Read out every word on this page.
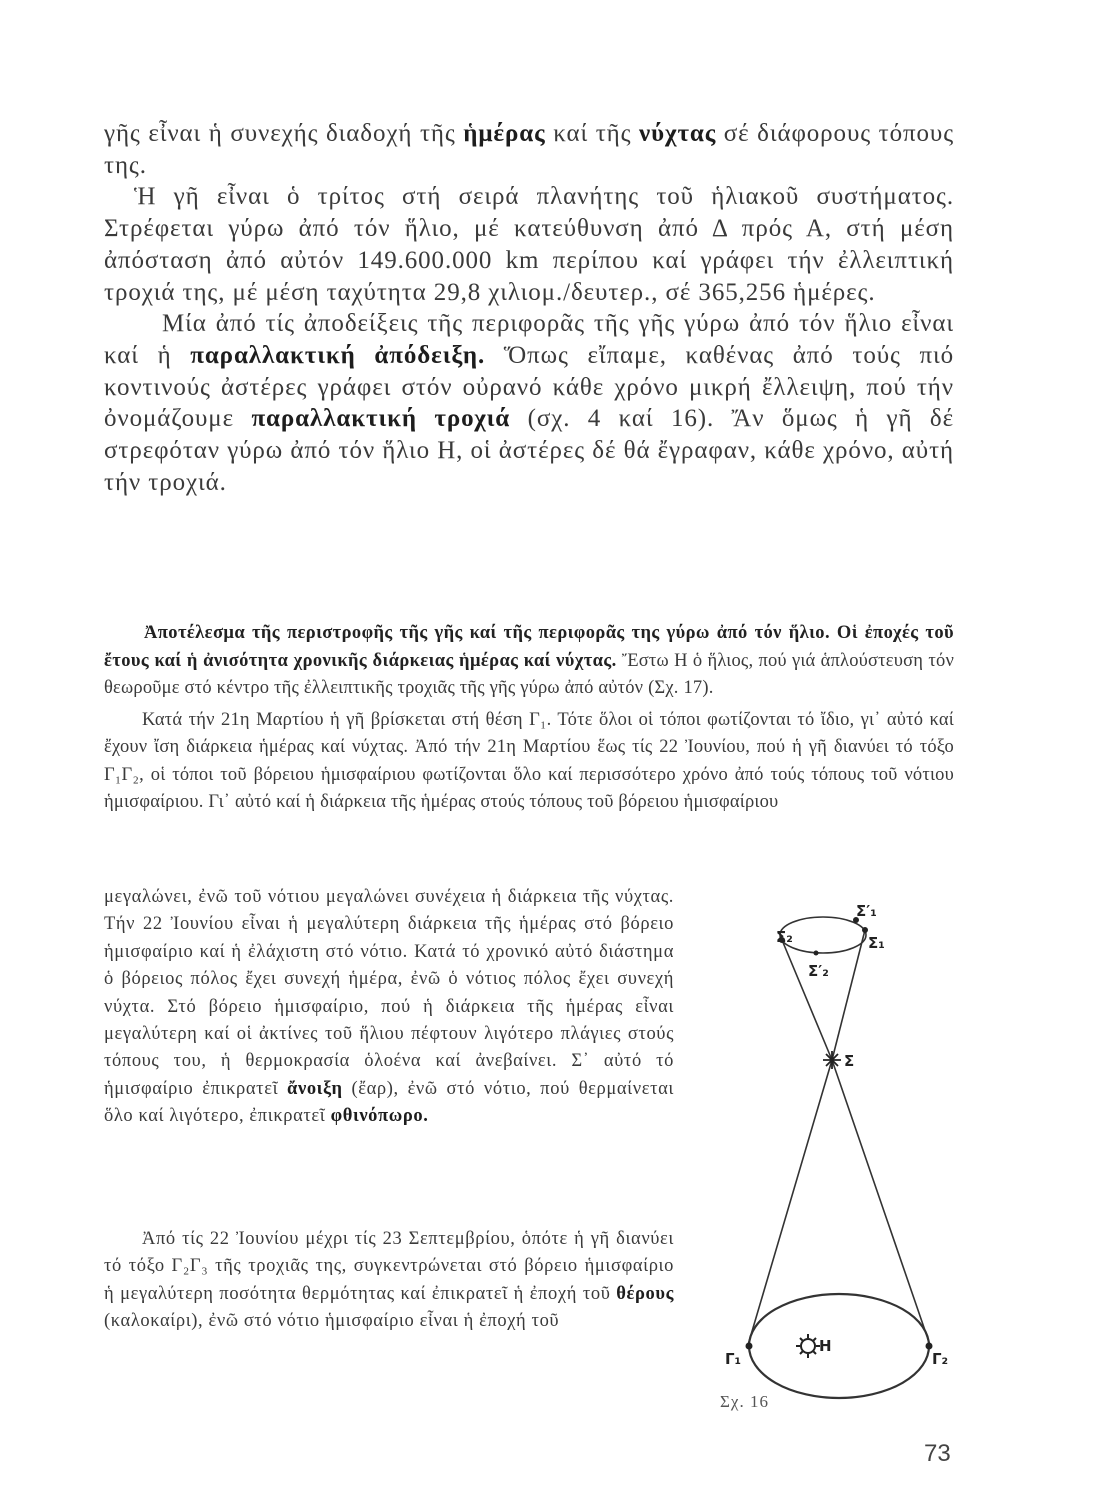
γῆς εἶναι ἡ συνεχής διαδοχή τῆς ἡμέρας καί τῆς νύχτας σέ διάφορους τόπους της.

Ἡ γῆ εἶναι ὁ τρίτος στή σειρά πλανήτης τοῦ ἡλιακοῦ συστήματος. Στρέφεται γύρω ἀπό τόν ἥλιο, μέ κατεύθυνση ἀπό Δ πρός Α, στή μέση ἀπόσταση ἀπό αὐτόν 149.600.000 km περίπου καί γράφει τήν ἐλλειπτική τροχιά της, μέ μέση ταχύτητα 29,8 χιλιομ./δευτερ., σέ 365,256 ἡμέρες.

Μία ἀπό τίς ἀποδείξεις τῆς περιφορᾶς τῆς γῆς γύρω ἀπό τόν ἥλιο εἶναι καί ἡ παραλλακτική ἀπόδειξη. Ὅπως εἴπαμε, καθένας ἀπό τούς πιό κοντινούς ἀστέρες γράφει στόν οὐρανό κάθε χρόνο μικρή ἔλλειψη, πού τήν ὀνομάζουμε παραλλακτική τροχιά (σχ. 4 καί 16). Ἄν ὅμως ἡ γῆ δέ στρεφόταν γύρω ἀπό τόν ἥλιο Η, οἱ ἀστέρες δέ θά ἔγραφαν, κάθε χρόνο, αὐτή τήν τροχιά.

Ἀποτέλεσμα τῆς περιστροφῆς τῆς γῆς καί τῆς περιφορᾶς της γύρω ἀπό τόν ἥλιο. Οἱ ἐποχές τοῦ ἔτους καί ἡ ἀνισότητα χρονικῆς διάρκειας ἡμέρας καί νύχτας. Ἔστω Η ὁ ἥλιος, πού γιά ἁπλούστευση τόν θεωροῦμε στό κέντρο τῆς ἐλλειπτικῆς τροχιᾶς τῆς γῆς γύρω ἀπό αὐτόν (Σχ. 17).

Κατά τήν 21η Μαρτίου ἡ γῆ βρίσκεται στή θέση Γ₁. Τότε ὅλοι οἱ τόποι φωτίζονται τό ἴδιο, γι᾿ αὐτό καί ἔχουν ἴση διάρκεια ἡμέρας καί νύχτας. Ἀπό τήν 21η Μαρτίου ἕως τίς 22 Ἰουνίου, πού ἡ γῆ διανύει τό τόξο Γ₁Γ₂, οἱ τόποι τοῦ βόρειου ἡμισφαίριου φωτίζονται ὅλο καί περισσότερο χρόνο ἀπό τούς τόπους τοῦ νότιου ἡμισφαίριου. Γι᾿ αὐτό καί ἡ διάρκεια τῆς ἡμέρας στούς τόπους τοῦ βόρειου ἡμισφαίριου

μεγαλώνει, ἐνῶ τοῦ νότιου μεγαλώνει συνέχεια ἡ διάρκεια τῆς νύχτας. Τήν 22 Ἰουνίου εἶναι ἡ μεγαλύτερη διάρκεια τῆς ἡμέρας στό βόρειο ἡμισφαίριο καί ἡ ἐλάχιστη στό νότιο. Κατά τό χρονικό αὐτό διάστημα ὁ βόρειος πόλος ἔχει συνεχή ἡμέρα, ἐνῶ ὁ νότιος πόλος ἔχει συνεχή νύχτα. Στό βόρειο ἡμισφαίριο, πού ἡ διάρκεια τῆς ἡμέρας εἶναι μεγαλύτερη καί οἱ ἀκτίνες τοῦ ἥλιου πέφτουν λιγότερο πλάγιες στούς τόπους του, ἡ θερμοκρασία ὁλοένα καί ἀνεβαίνει. Σ᾿ αὐτό τό ἡμισφαίριο ἐπικρατεῖ ἄνοιξη (ἔαρ), ἐνῶ στό νότιο, πού θερμαίνεται ὅλο καί λιγότερο, ἐπικρατεῖ φθινόπωρο.

Ἀπό τίς 22 Ἰουνίου μέχρι τίς 23 Σεπτεμβρίου, ὁπότε ἡ γῆ διανύει τό τόξο Γ₂Γ₃ τῆς τροχιᾶς της, συγκεντρώνεται στό βόρειο ἡμισφαίριο ἡ μεγαλύτερη ποσότητα θερμότητας καί ἐπικρατεῖ ἡ ἐποχή τοῦ θέρους (καλοκαίρι), ἐνῶ στό νότιο ἡμισφαίριο εἶναι ἡ ἐποχή τοῦ

Σ′₁
Σ₂	Σ₁
Σ′₂
Σ
Γ₁
Η
Γ₂
Σχ. 16
73
